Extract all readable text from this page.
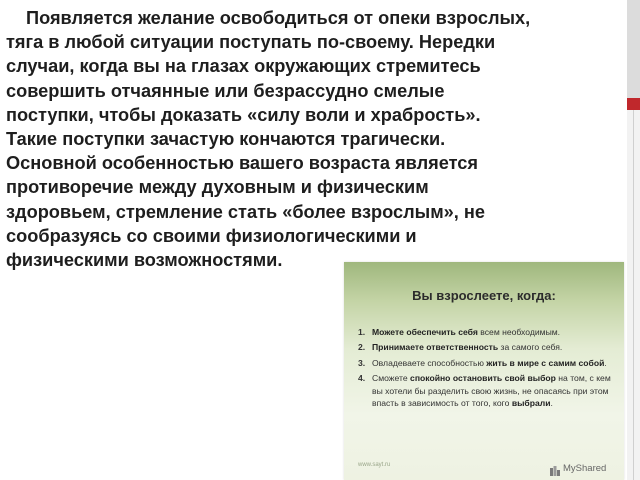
Появляется желание освободиться от опеки взрослых,
тяга в любой ситуации поступать по-своему. Нередки
случаи, когда вы на глазах окружающих стремитесь
совершить отчаянные или безрассудно смелые
поступки, чтобы доказать «силу воли и храбрость».
Такие поступки зачастую кончаются трагически.
Основной особенностью вашего возраста является
противоречие между духовным и физическим
здоровьем, стремление стать «более взрослым», не
сообразуясь со своими физиологическими и
физическими возможностями.

Вы взрослеете, когда:
1. Можете обеспечить себя всем необходимым.
2. Принимаете ответственность за самого себя.
3. Овладеваете способностью жить в мире с самим собой.
4. Сможете спокойно остановить свой выбор на том, с кем вы хотели бы разделить свою жизнь, не опасаясь при этом впасть в зависимость от того, кого выбрали.
www.sayt.ru	MyShared
